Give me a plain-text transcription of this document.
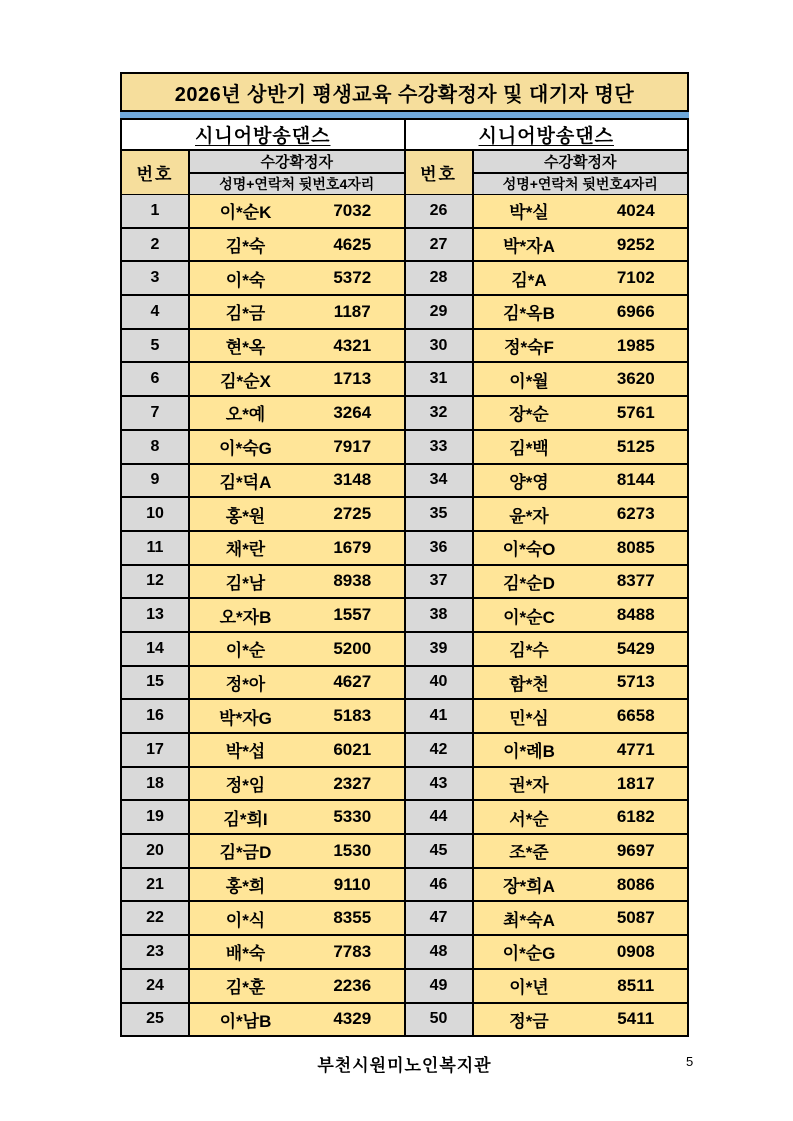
2026년 상반기 평생교육 수강확정자 및 대기자 명단
시니어방송댄스
번호
수강확정자
성명+연락처 뒷번호4자리
1	이*순K	7032
2	김*숙	4625
3	이*숙	5372
4	김*금	1187
5	현*옥	4321
6	김*순X	1713
7	오*예	3264
8	이*숙G	7917
9	김*덕A	3148
10	홍*원	2725
11	채*란	1679
12	김*남	8938
13	오*자B	1557
14	이*순	5200
15	정*아	4627
16	박*자G	5183
17	박*섭	6021
18	정*임	2327
19	김*희I	5330
20	김*금D	1530
21	홍*희	9110
22	이*식	8355
23	배*숙	7783
24	김*훈	2236
25	이*남B	4329
시니어방송댄스
번호
수강확정자
성명+연락처 뒷번호4자리
26	박*실	4024
27	박*자A	9252
28	김*A	7102
29	김*옥B	6966
30	정*숙F	1985
31	이*월	3620
32	장*순	5761
33	김*백	5125
34	양*영	8144
35	윤*자	6273
36	이*숙O	8085
37	김*순D	8377
38	이*순C	8488
39	김*수	5429
40	함*천	5713
41	민*심	6658
42	이*례B	4771
43	권*자	1817
44	서*순	6182
45	조*준	9697
46	장*희A	8086
47	최*숙A	5087
48	이*순G	0908
49	이*년	8511
50	정*금	5411
부천시원미노인복지관	5
